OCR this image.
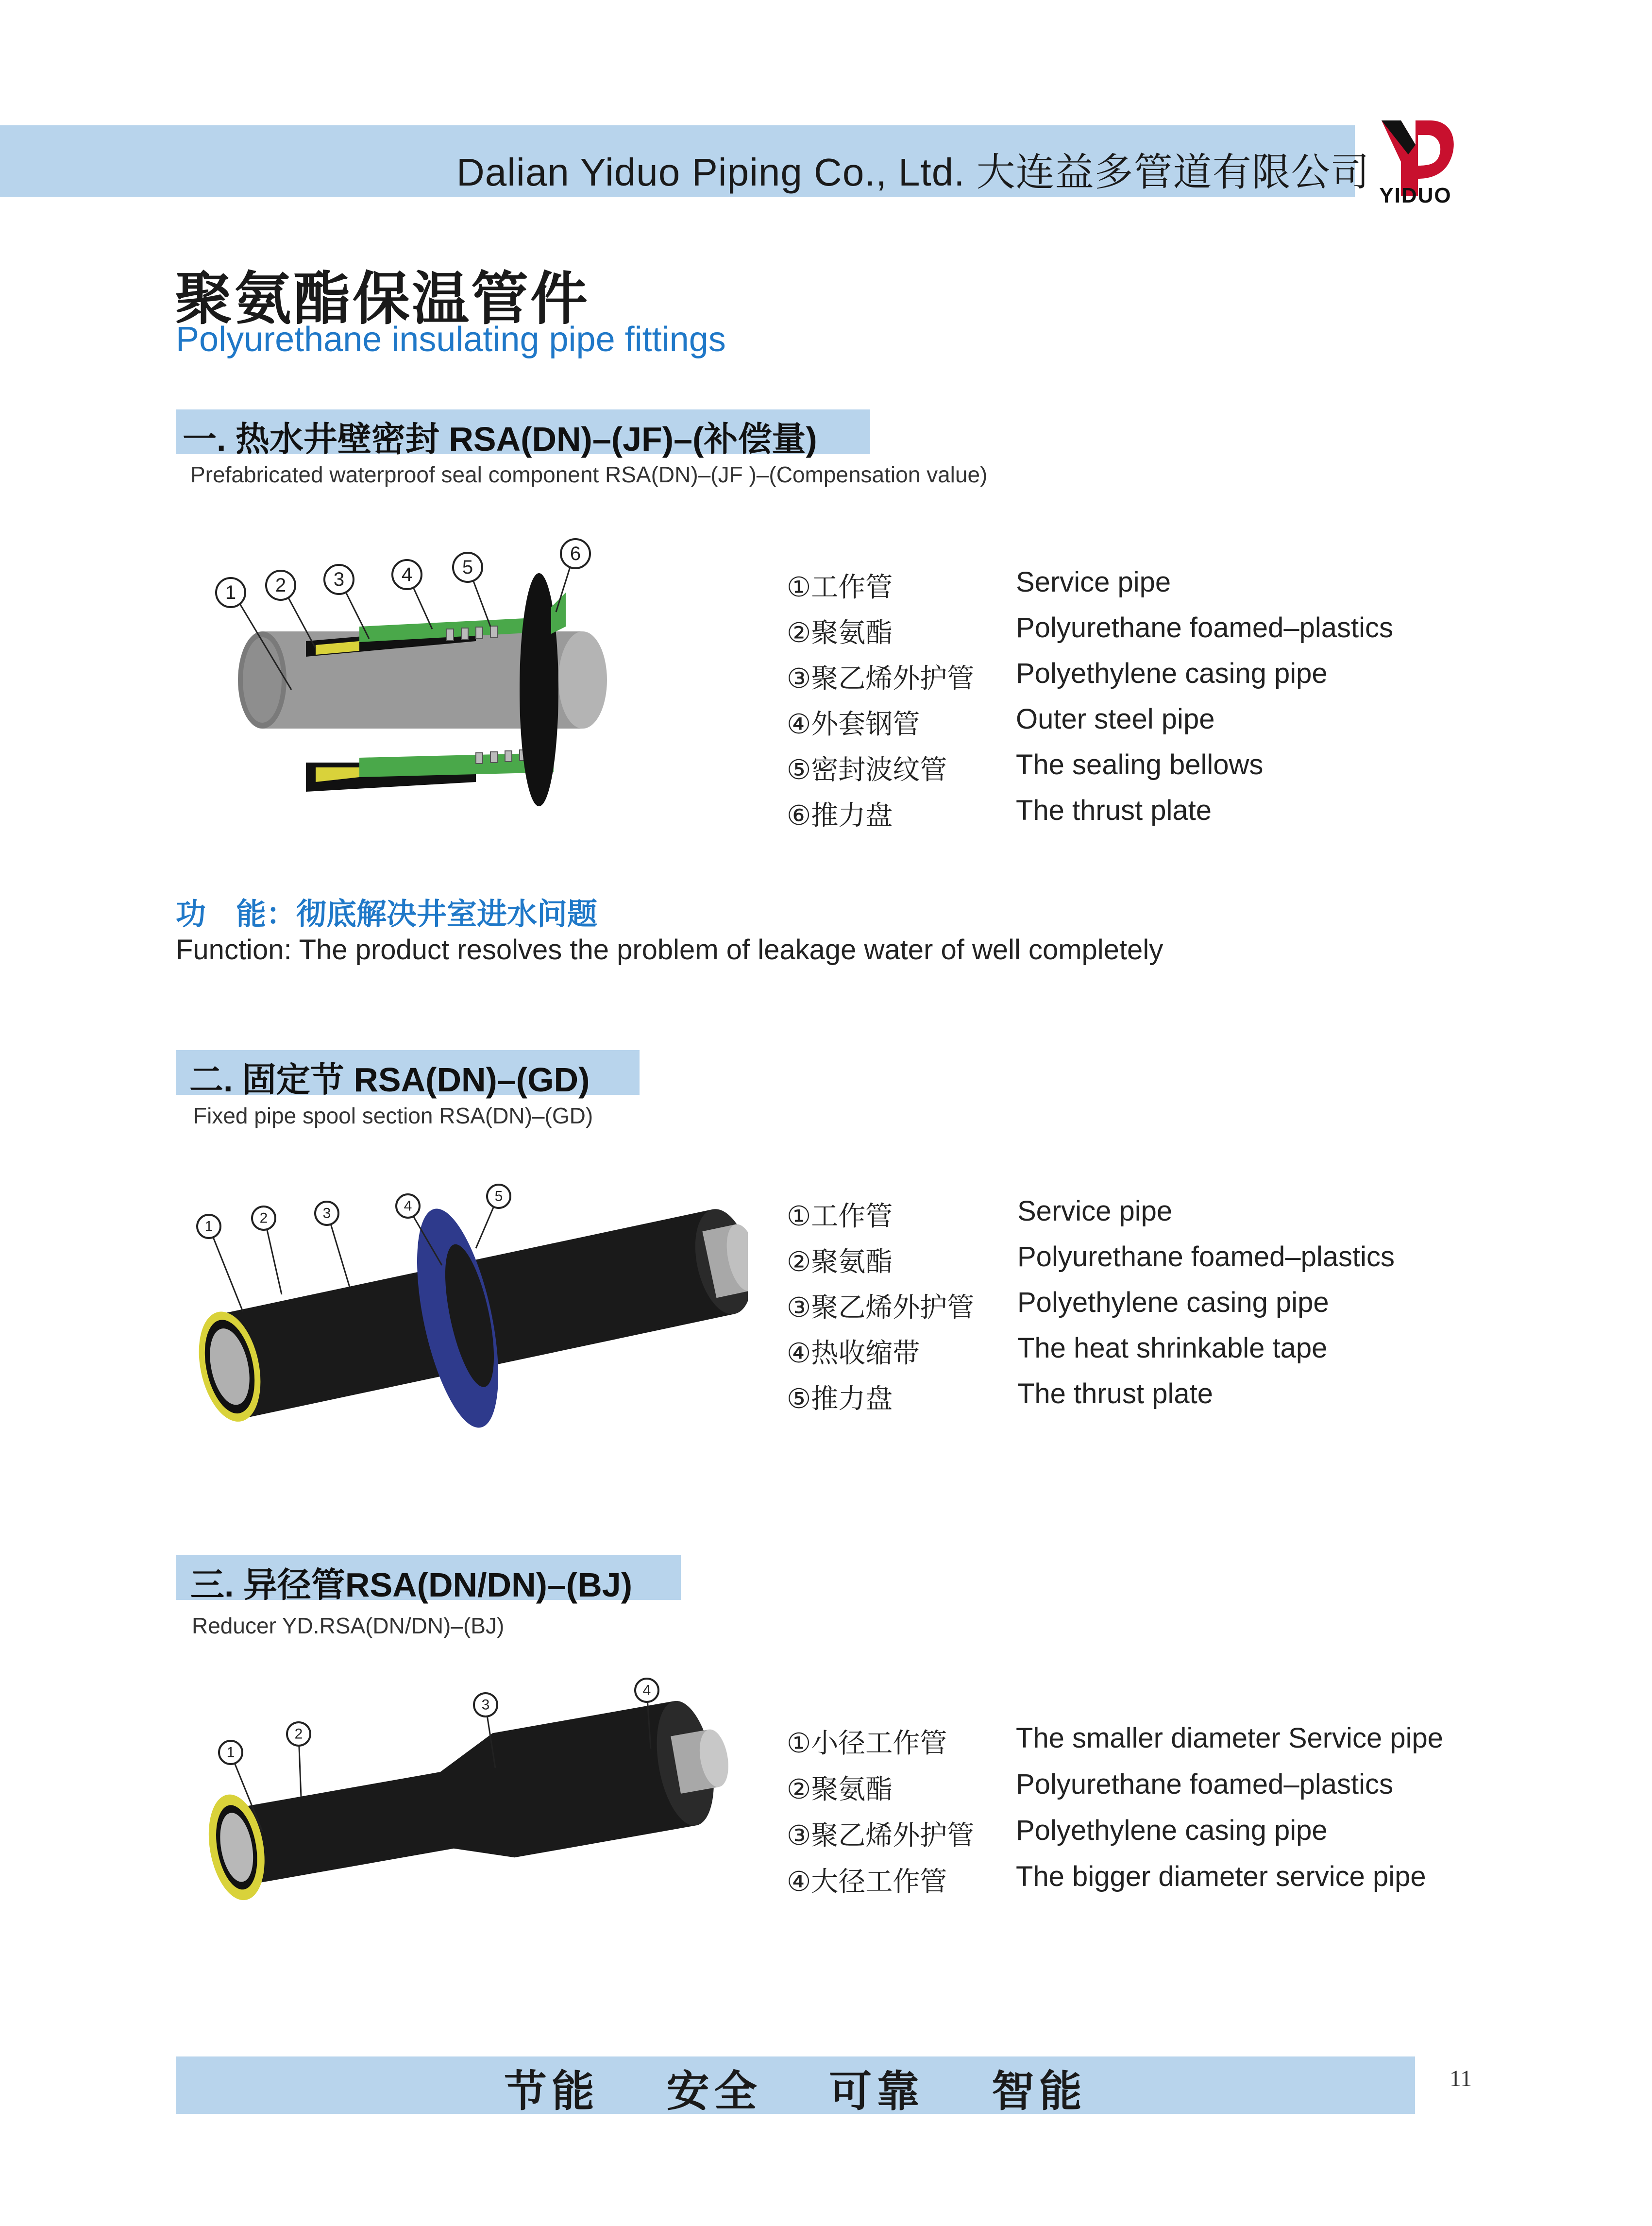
Dalian Yiduo Piping Co., Ltd. 大连益多管道有限公司
YIDUO
聚氨酯保温管件
Polyurethane insulating pipe fittings
一. 热水井壁密封 RSA(DN)–(JF)–(补偿量)
Prefabricated waterproof seal component RSA(DN)–(JF )–(Compensation value)
1 2 3	4	5
6
①工作管	Service pipe
②聚氨酯	Polyurethane foamed–plastics
③聚乙烯外护管 Polyethylene casing pipe
④外套钢管	Outer steel pipe
⑤密封波纹管 The sealing bellows
⑥推力盘	The thrust plate
功　能：彻底解决井室进水问题
Function: The product resolves the problem of leakage water of well completely
二. 固定节 RSA(DN)–(GD)
Fixed pipe spool section RSA(DN)–(GD)
1
2	3	4
5
①工作管	Service pipe
②聚氨酯	Polyurethane foamed–plastics
③聚乙烯外护管 Polyethylene casing pipe
④热收缩带	The heat shrinkable tape
⑤推力盘	The thrust plate
三. 异径管RSA(DN/DN)–(BJ)
Reducer YD.RSA(DN/DN)–(BJ)
1
2
3
4
①小径工作管 The smaller diameter Service pipe
②聚氨酯	Polyurethane foamed–plastics
③聚乙烯外护管 Polyethylene casing pipe
④大径工作管 The bigger diameter service pipe
节能　 安全　 可靠　 智能	11
